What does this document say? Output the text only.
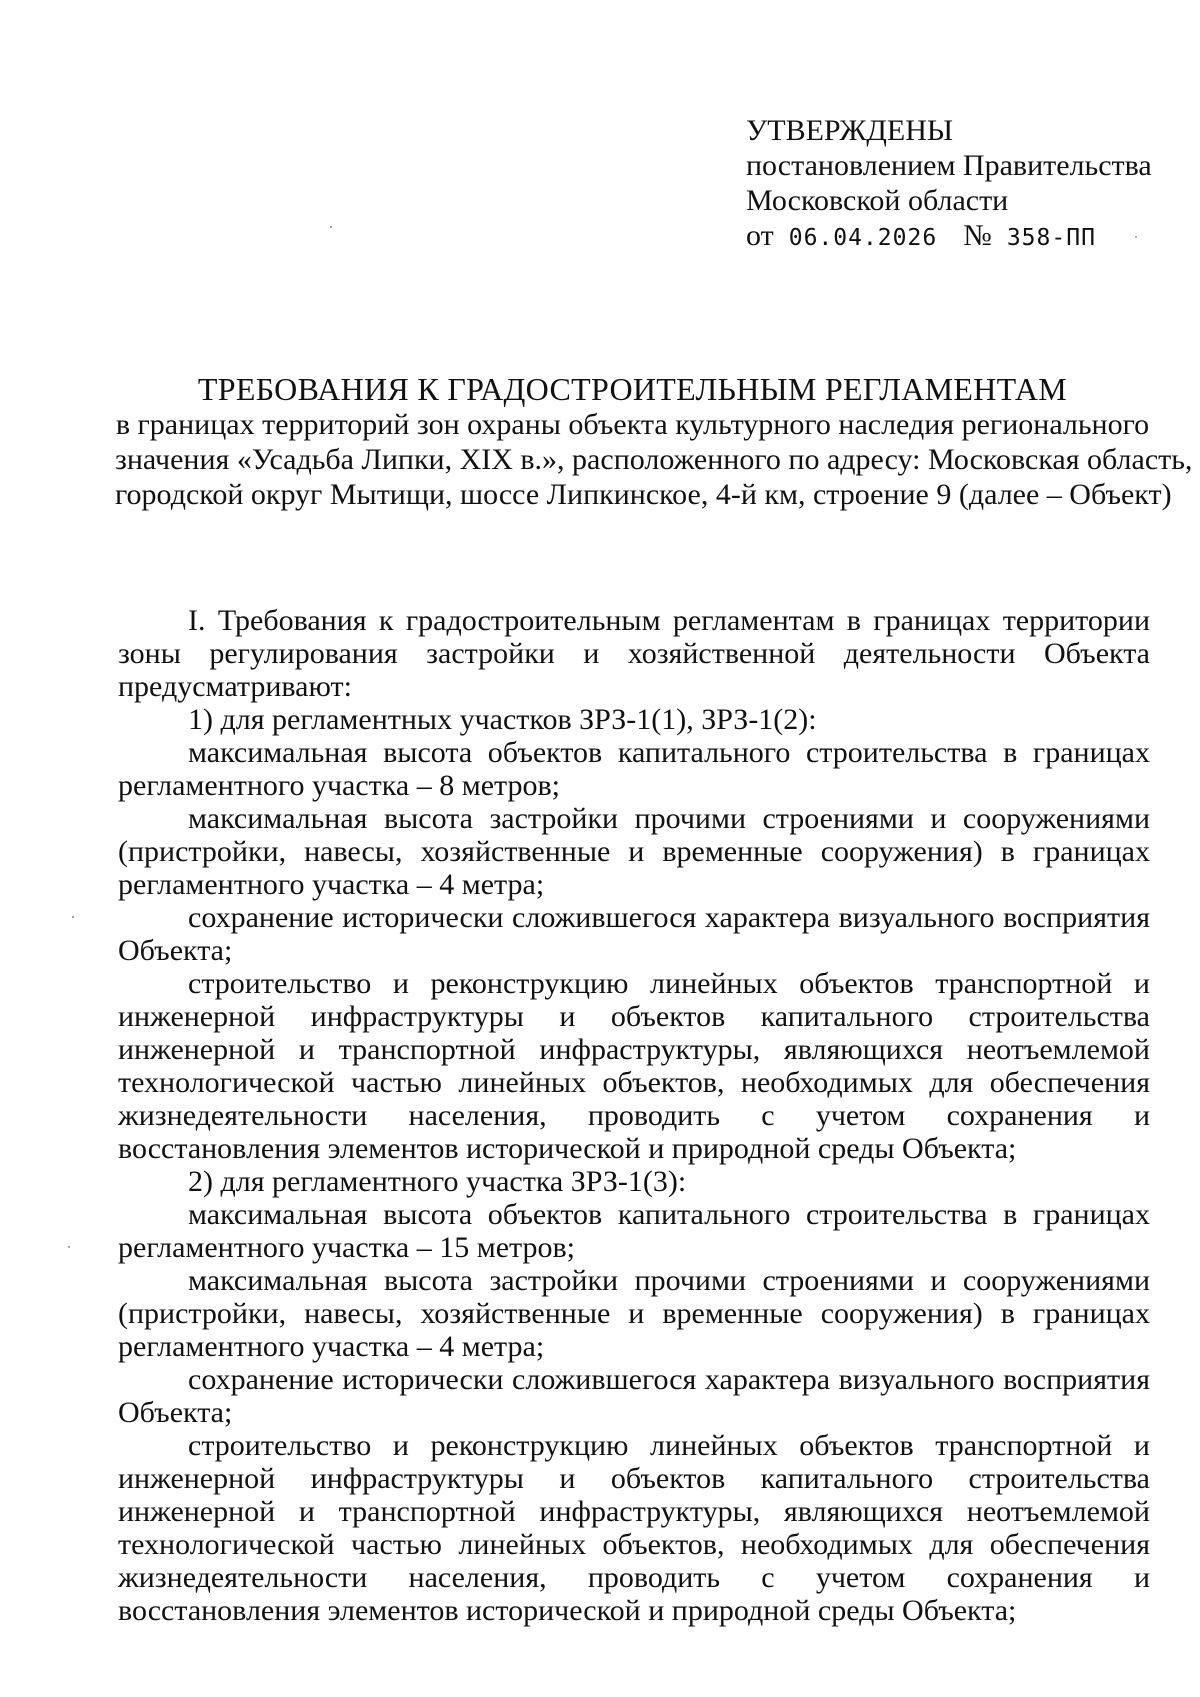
УТВЕРЖДЕНЫ
постановлением Правительства
Московской области
от 06.04.2026 № 358-ПП
ТРЕБОВАНИЯ К ГРАДОСТРОИТЕЛЬНЫМ РЕГЛАМЕНТАМ
в границах территорий зон охраны объекта культурного наследия регионального
значения «Усадьба Липки, XIX в.», расположенного по адресу: Московская область,
городской округ Мытищи, шоссе Липкинское, 4-й км, строение 9 (далее – Объект)

I. Требования к градостроительным регламентам в границах территории зоны регулирования застройки и хозяйственной деятельности Объекта предусматривают:

1) для регламентных участков ЗРЗ-1(1), ЗРЗ-1(2):

максимальная высота объектов капитального строительства в границах регламентного участка – 8 метров;

максимальная высота застройки прочими строениями и сооружениями (пристройки, навесы, хозяйственные и временные сооружения) в границах регламентного участка – 4 метра;

сохранение исторически сложившегося характера визуального восприятия Объекта;

строительство и реконструкцию линейных объектов транспортной и инженерной инфраструктуры и объектов капитального строительства инженерной и транспортной инфраструктуры, являющихся неотъемлемой технологической частью линейных объектов, необходимых для обеспечения жизнедеятельности населения, проводить с учетом сохранения и восстановления элементов исторической и природной среды Объекта;

2) для регламентного участка ЗРЗ-1(3):

максимальная высота объектов капитального строительства в границах регламентного участка – 15 метров;

максимальная высота застройки прочими строениями и сооружениями (пристройки, навесы, хозяйственные и временные сооружения) в границах регламентного участка – 4 метра;

сохранение исторически сложившегося характера визуального восприятия Объекта;

строительство и реконструкцию линейных объектов транспортной и инженерной инфраструктуры и объектов капитального строительства инженерной и транспортной инфраструктуры, являющихся неотъемлемой технологической частью линейных объектов, необходимых для обеспечения жизнедеятельности населения, проводить с учетом сохранения и восстановления элементов исторической и природной среды Объекта;
